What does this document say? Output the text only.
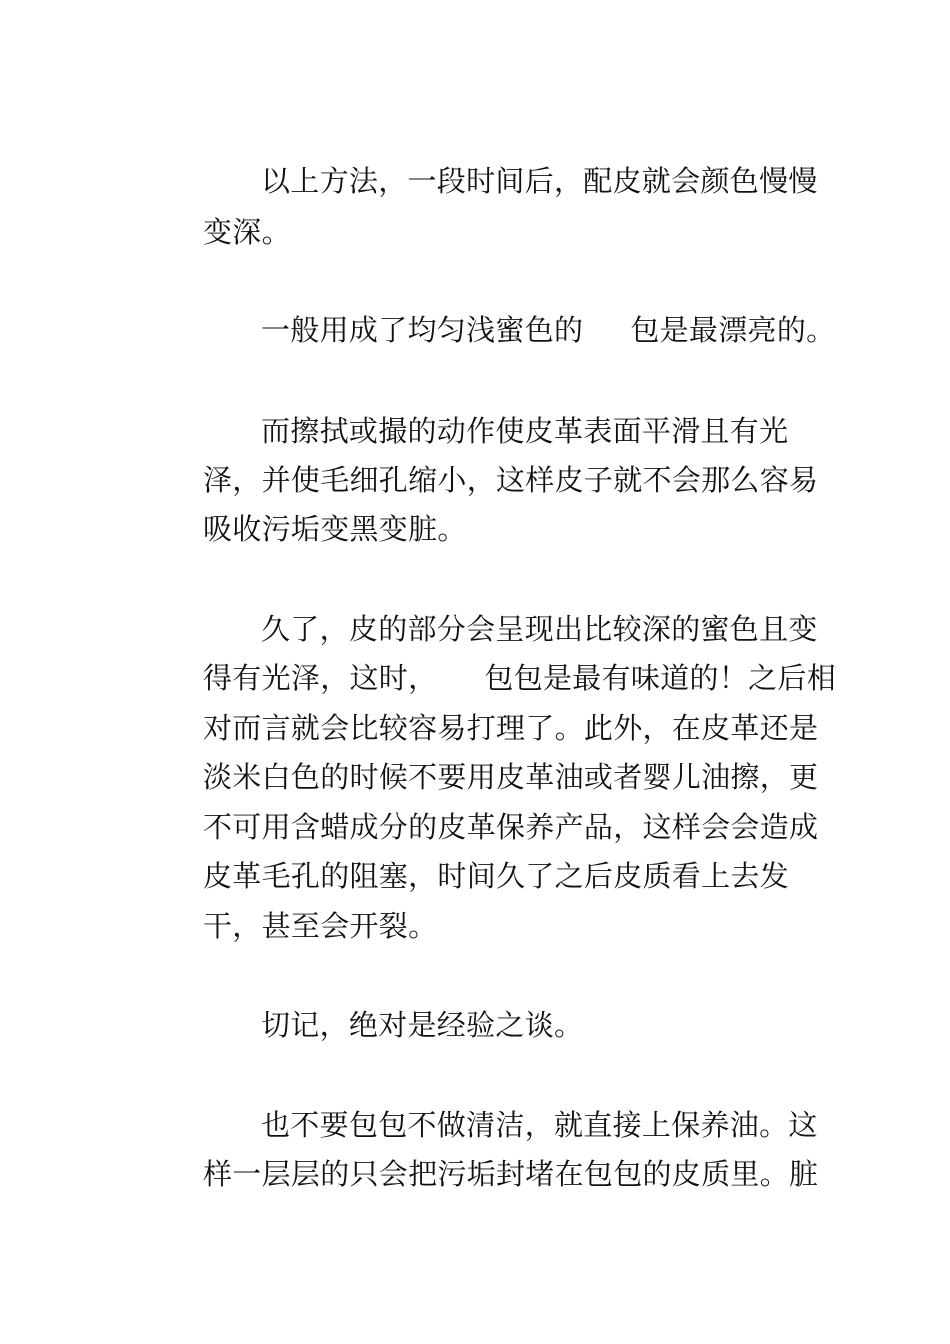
以上方法，一段时间后，配皮就会颜色慢慢
变深。
一般用成了均匀浅蜜色的 包是最漂亮的。
而擦拭或撮的动作使皮革表面平滑且有光
泽，并使毛细孔缩小，这样皮子就不会那么容易
吸收污垢变黑变脏。
久了，皮的部分会呈现出比较深的蜜色且变
得有光泽，这时， 包包是最有味道的！之后相
对而言就会比较容易打理了。此外，在皮革还是
淡米白色的时候不要用皮革油或者婴儿油擦，更
不可用含蜡成分的皮革保养产品，这样会会造成
皮革毛孔的阻塞，时间久了之后皮质看上去发
干，甚至会开裂。
切记，绝对是经验之谈。
也不要包包不做清洁，就直接上保养油。这
样一层层的只会把污垢封堵在包包的皮质里。脏
